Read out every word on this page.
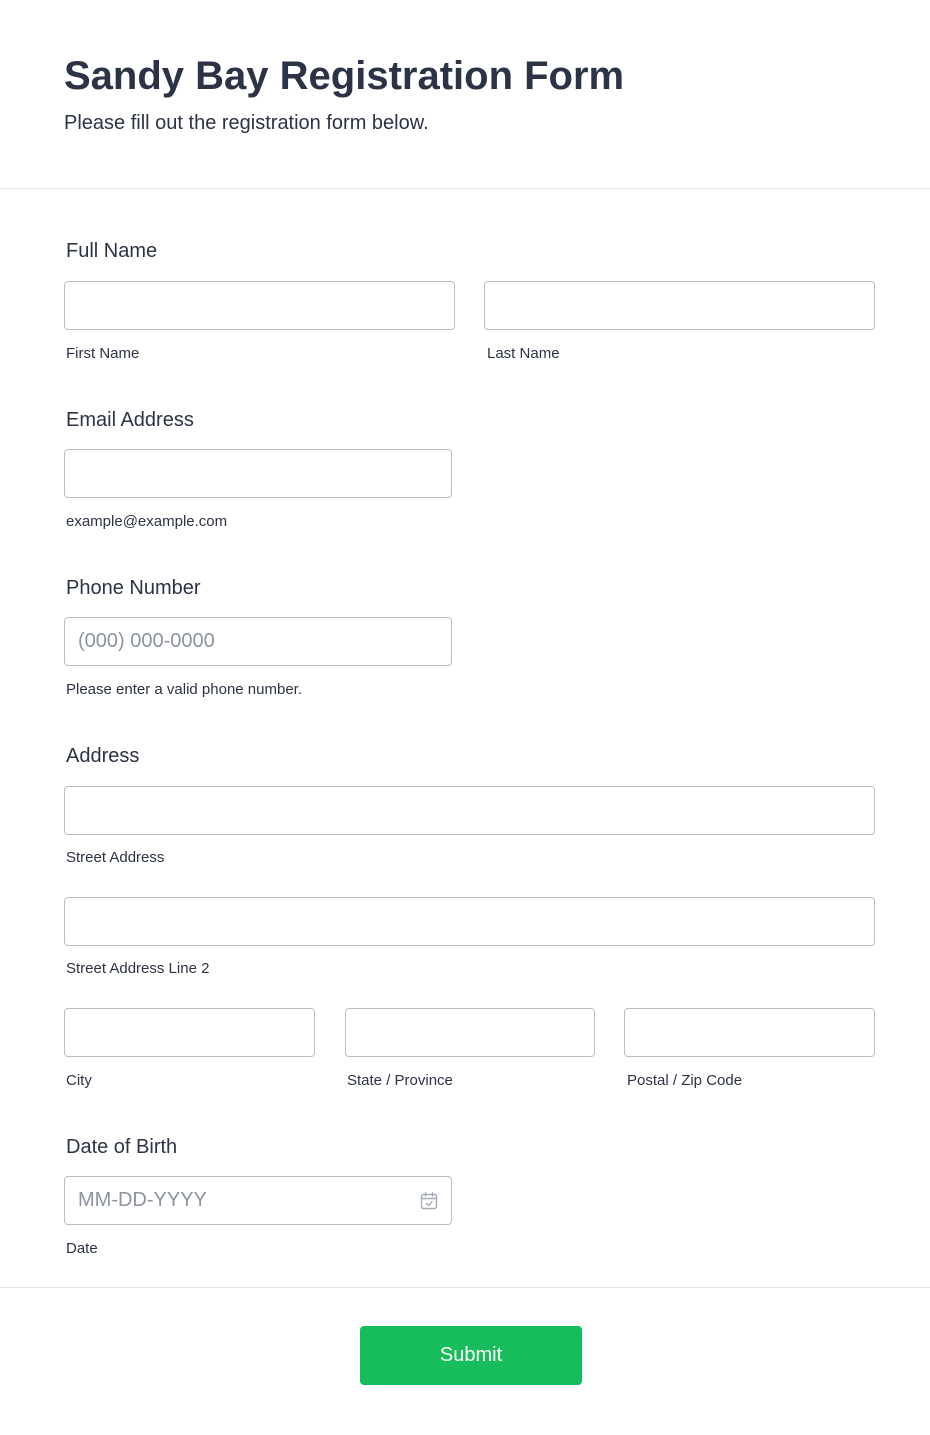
Sandy Bay Registration Form

Please fill out the registration form below.

Full Name
First Name	Last Name
Email Address
example@example.com
Phone Number
(000) 000-0000
Please enter a valid phone number.
Address
Street Address
Street Address Line 2
City	State / Province	Postal / Zip Code
Date of Birth
MM-DD-YYYY
Date
Submit
